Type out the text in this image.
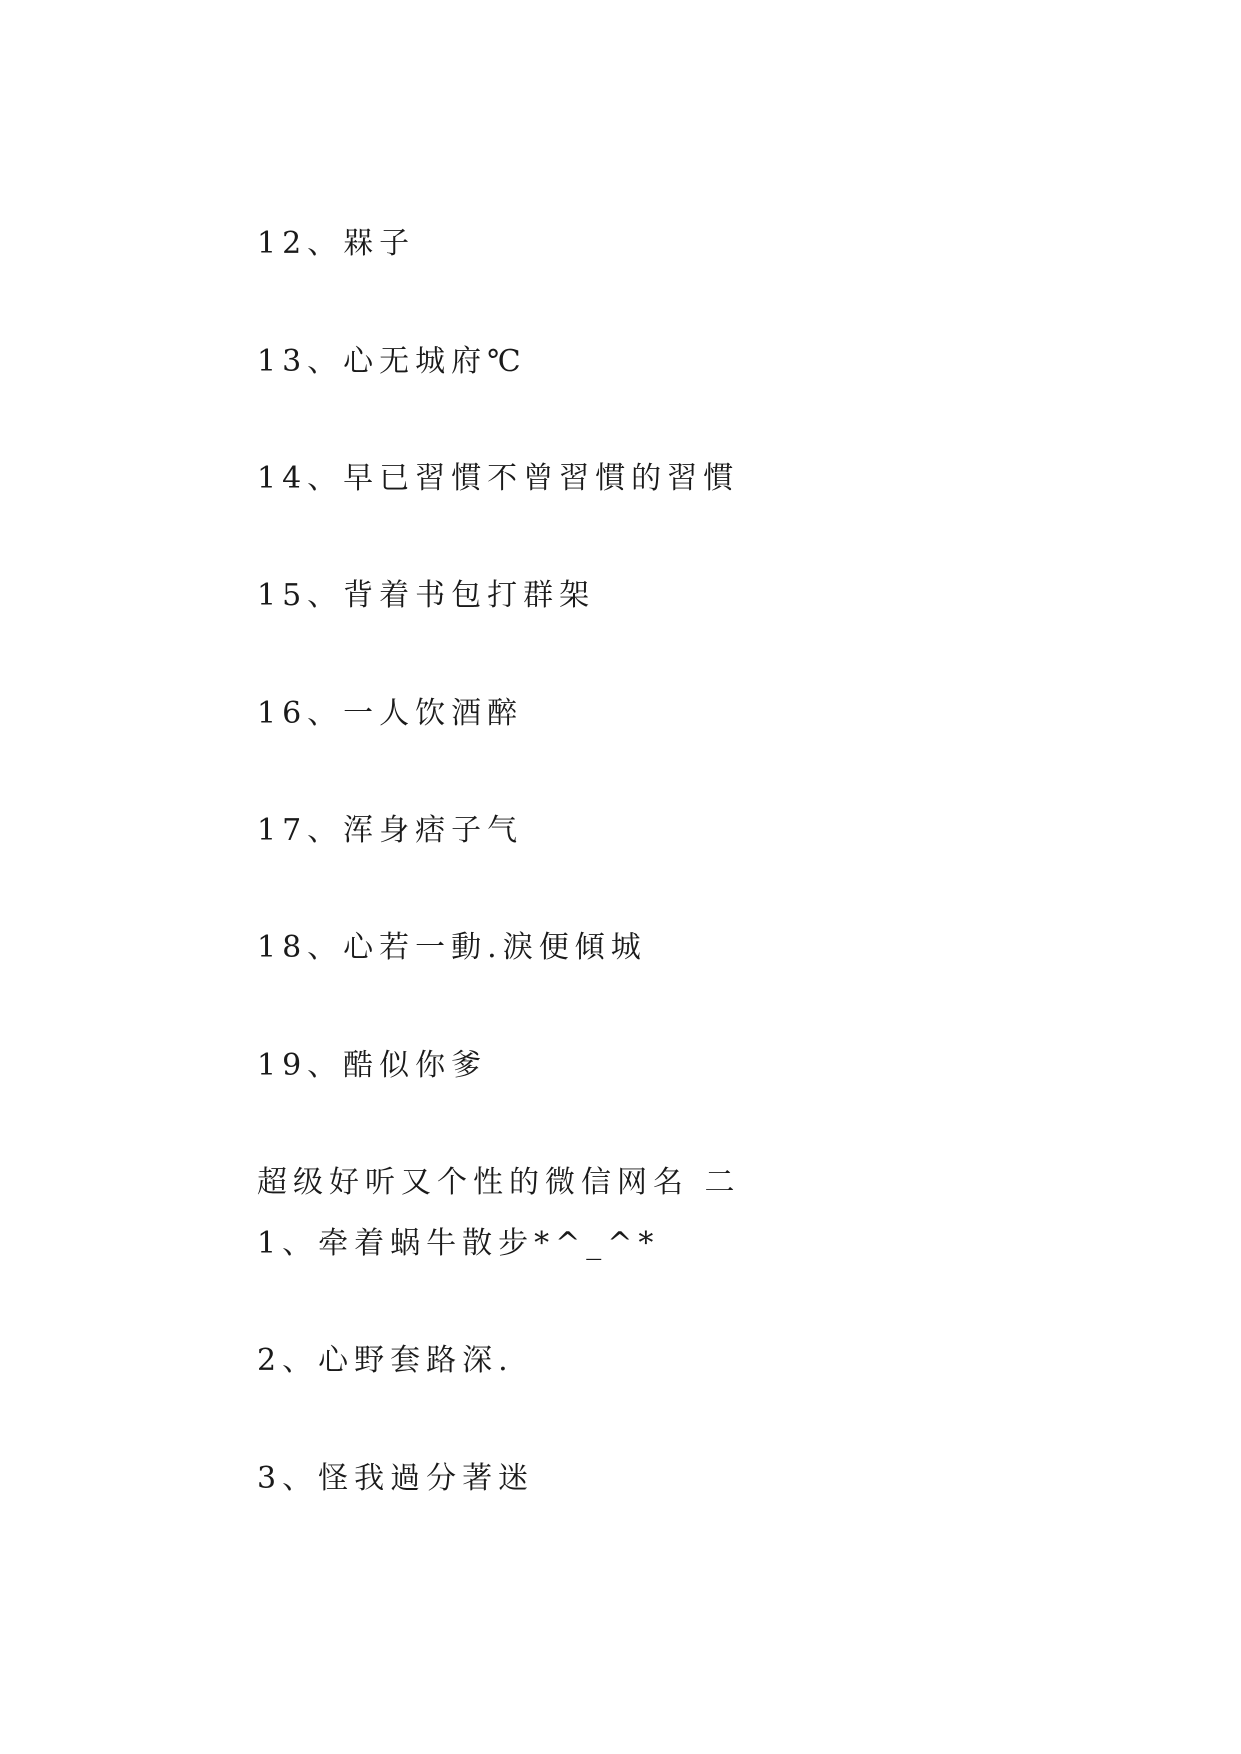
12、槑子
13、心无城府℃
14、早已習慣不曾習慣的習慣
15、背着书包打群架
16、一人饮酒醉
17、浑身痞子气
18、心若一動.淚便傾城
19、酷似你爹
超级好听又个性的微信网名 二
1、牵着蜗牛散步*^_^*
2、心野套路深.
3、怪我過分著迷
